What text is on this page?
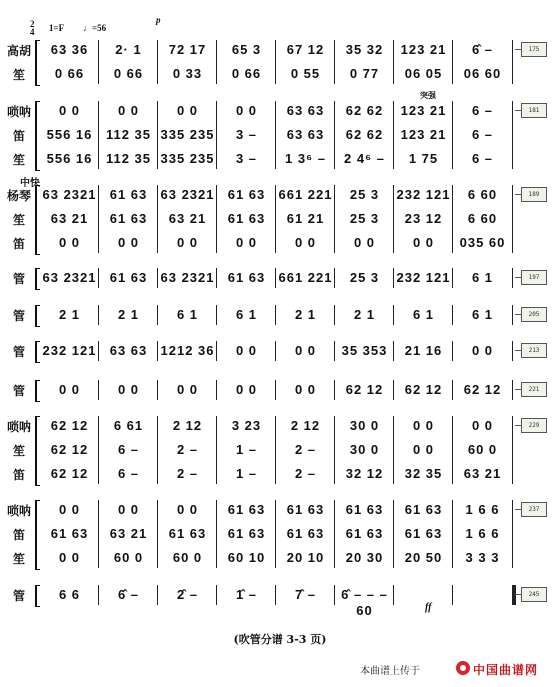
2
4 1=F ♩=56
p
突强
中快
高胡	63 36	2· 1	72 17	65 3	67 12	35 32	123 21	6̂ –
笙	0 66	0 66	0 33	0 66	0 55	0 77	06 05	06 60
175
唢呐	0 0	0 0	0 0	0 0	63 63	62 62	123 21	6 –
笛	556 16	112 35 335 235	3 –	63 63	62 62	123 21	6 –
笙	556 16	112 35 335 235	3 –	1 3⁶ –	2 4⁶ –	1 75	6 –
181
杨琴 63 2321	61 63	63 2321	61 63	661 221	25 3	232 121	6 60
笙	63 21	61 63	63 21	61 63	61 21	25 3	23 12	6 60
笛	0 0	0 0	0 0	0 0	0 0	0 0	0 0	035 60
189
管	63 2321	61 63	63 2321	61 63	661 221	25 3	232 121	6 1	197
管	2 1	2 1	6 1	6 1	2 1	2 1	6 1	6 1	205
管	232 121	63 63	1212 36	0 0	0 0	35 353	21 16	0 0	213
管	0 0	0 0	0 0	0 0	0 0	62 12	62 12	62 12	221
唢呐	62 12	6 61	2 12	3 23	2 12	30 0	0 0	0 0
笙	62 12	6 –	2 –	1 –	2 –	30 0	0 0	60 0
笛	62 12	6 –	2 –	1 –	2 –	32 12	32 35	63 21
229
唢呐	0 0	0 0	0 0	61 63	61 63	61 63	61 63	1 6 6
笛	61 63	63 21	61 63	61 63	61 63	61 63	61 63	1 6 6
笙	0 0	60 0	60 0	60 10	20 10	20 30	20 50	3 3 3
237
管	6 6	6̂ –	2̂ –	1̂ –	7̂ –	6̂ – – – 60
245
ff
(吹管分谱 3-3 页)
本曲谱上传于	中国曲谱网
